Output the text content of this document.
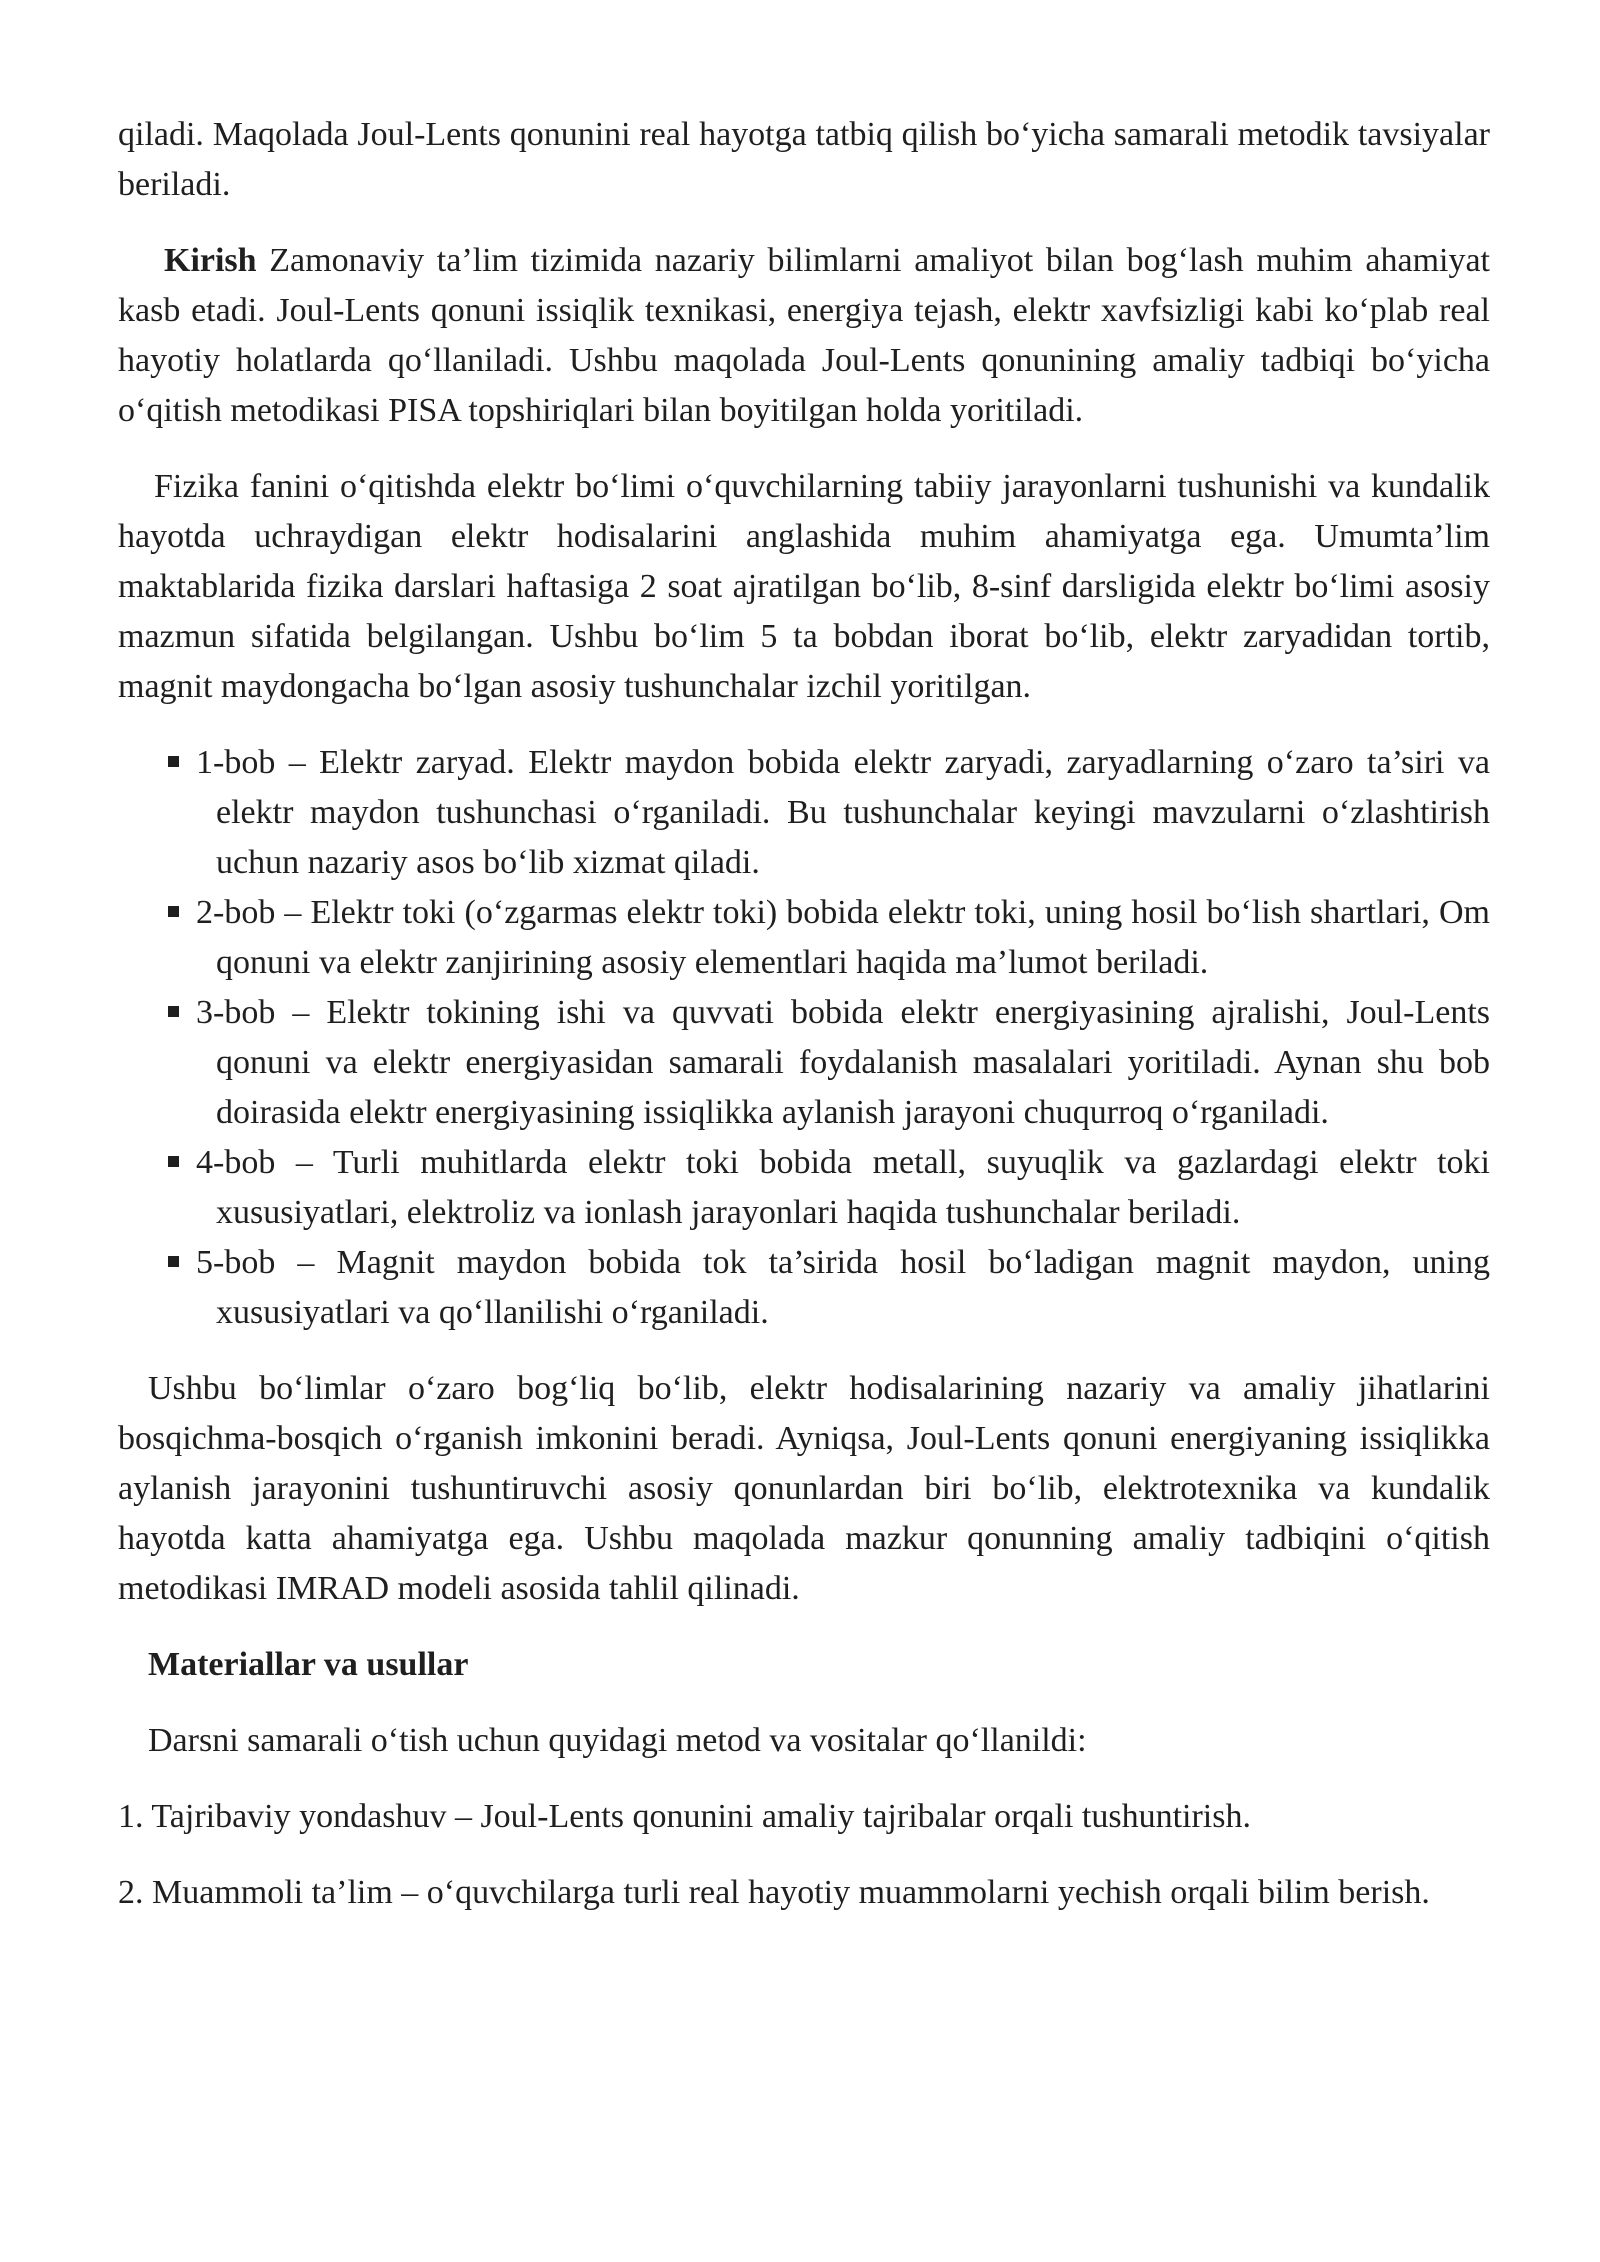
qiladi. Maqolada Joul-Lents qonunini real hayotga tatbiq qilish bo‘yicha samarali metodik tavsiyalar beriladi.

Kirish Zamonaviy ta’lim tizimida nazariy bilimlarni amaliyot bilan bog‘lash muhim ahamiyat kasb etadi. Joul-Lents qonuni issiqlik texnikasi, energiya tejash, elektr xavfsizligi kabi ko‘plab real hayotiy holatlarda qo‘llaniladi. Ushbu maqolada Joul-Lents qonunining amaliy tadbiqi bo‘yicha o‘qitish metodikasi PISA topshiriqlari bilan boyitilgan holda yoritiladi.

Fizika fanini o‘qitishda elektr bo‘limi o‘quvchilarning tabiiy jarayonlarni tushunishi va kundalik hayotda uchraydigan elektr hodisalarini anglashida muhim ahamiyatga ega. Umumta’lim maktablarida fizika darslari haftasiga 2 soat ajratilgan bo‘lib, 8-sinf darsligida elektr bo‘limi asosiy mazmun sifatida belgilangan. Ushbu bo‘lim 5 ta bobdan iborat bo‘lib, elektr zaryadidan tortib, magnit maydongacha bo‘lgan asosiy tushunchalar izchil yoritilgan.

1-bob – Elektr zaryad. Elektr maydon bobida elektr zaryadi, zaryadlarning o‘zaro ta’siri va elektr maydon tushunchasi o‘rganiladi. Bu tushunchalar keyingi mavzularni o‘zlashtirish uchun nazariy asos bo‘lib xizmat qiladi.
2-bob – Elektr toki (o‘zgarmas elektr toki) bobida elektr toki, uning hosil bo‘lish shartlari, Om qonuni va elektr zanjirining asosiy elementlari haqida ma’lumot beriladi.
3-bob – Elektr tokining ishi va quvvati bobida elektr energiyasining ajralishi, Joul-Lents qonuni va elektr energiyasidan samarali foydalanish masalalari yoritiladi. Aynan shu bob doirasida elektr energiyasining issiqlikka aylanish jarayoni chuqurroq o‘rganiladi.
4-bob – Turli muhitlarda elektr toki bobida metall, suyuqlik va gazlardagi elektr toki xususiyatlari, elektroliz va ionlash jarayonlari haqida tushunchalar beriladi.
5-bob – Magnit maydon bobida tok ta’sirida hosil bo‘ladigan magnit maydon, uning xususiyatlari va qo‘llanilishi o‘rganiladi.

Ushbu bo‘limlar o‘zaro bog‘liq bo‘lib, elektr hodisalarining nazariy va amaliy jihatlarini bosqichma-bosqich o‘rganish imkonini beradi. Ayniqsa, Joul-Lents qonuni energiyaning issiqlikka aylanish jarayonini tushuntiruvchi asosiy qonunlardan biri bo‘lib, elektrotexnika va kundalik hayotda katta ahamiyatga ega. Ushbu maqolada mazkur qonunning amaliy tadbiqini o‘qitish metodikasi IMRAD modeli asosida tahlil qilinadi.

Materiallar va usullar

Darsni samarali o‘tish uchun quyidagi metod va vositalar qo‘llanildi:

1. Tajribaviy yondashuv – Joul-Lents qonunini amaliy tajribalar orqali tushuntirish.

2. Muammoli ta’lim – o‘quvchilarga turli real hayotiy muammolarni yechish orqali bilim berish.
